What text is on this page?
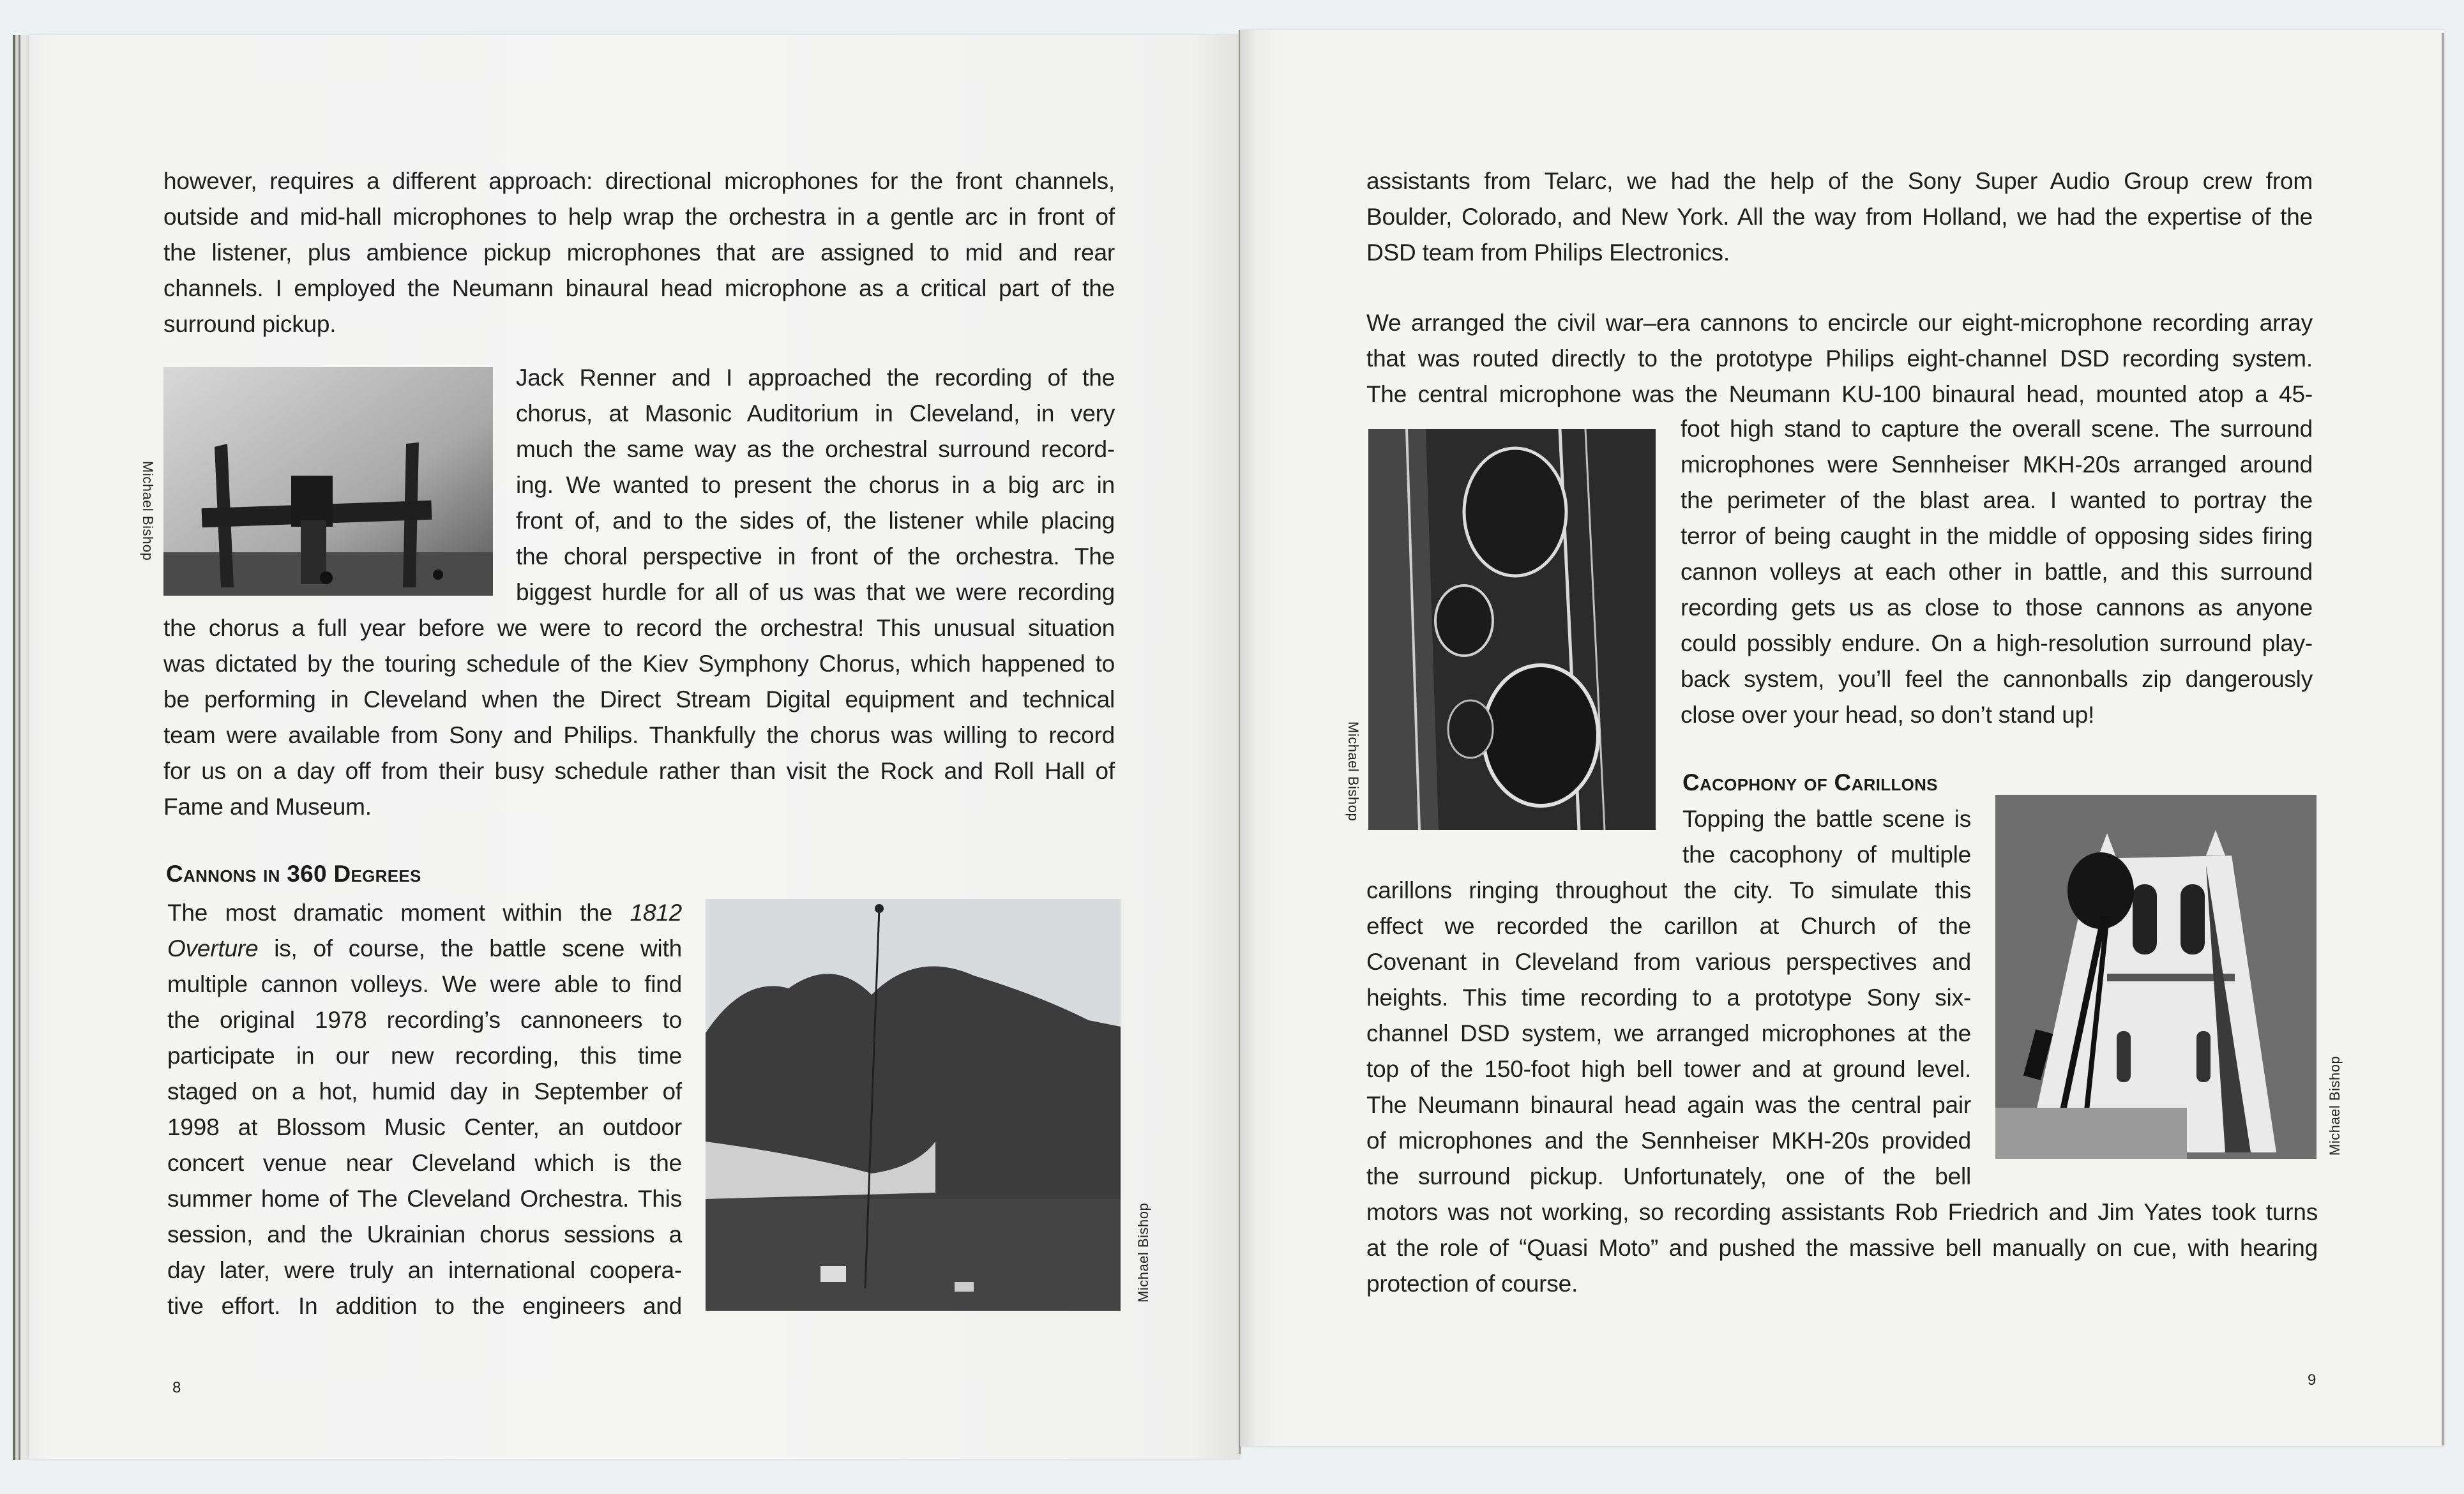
however, requires a different approach: directional microphones for the front channels,
outside and mid-hall microphones to help wrap the orchestra in a gentle arc in front of
the listener, plus ambience pickup microphones that are assigned to mid and rear
channels. I employed the Neumann binaural head microphone as a critical part of the
surround pickup.
Michael Bishop
Jack Renner and I approached the recording of the
chorus, at Masonic Auditorium in Cleveland, in very
much the same way as the orchestral surround record-
ing. We wanted to present the chorus in a big arc in
front of, and to the sides of, the listener while placing
the choral perspective in front of the orchestra. The
biggest hurdle for all of us was that we were recording
the chorus a full year before we were to record the orchestra! This unusual situation
was dictated by the touring schedule of the Kiev Symphony Chorus, which happened to
be performing in Cleveland when the Direct Stream Digital equipment and technical
team were available from Sony and Philips. Thankfully the chorus was willing to record
for us on a day off from their busy schedule rather than visit the Rock and Roll Hall of
Fame and Museum.
Cannons in 360 Degrees
The most dramatic moment within the 1812
Overture is, of course, the battle scene with
multiple cannon volleys. We were able to find
the original 1978 recording’s cannoneers to
participate in our new recording, this time
staged on a hot, humid day in September of
1998 at Blossom Music Center, an outdoor
concert venue near Cleveland which is the
summer home of The Cleveland Orchestra. This
session, and the Ukrainian chorus sessions a
day later, were truly an international coopera-
tive effort. In addition to the engineers and
Michael Bishop
8
assistants from Telarc, we had the help of the Sony Super Audio Group crew from
Boulder, Colorado, and New York. All the way from Holland, we had the expertise of the
DSD team from Philips Electronics.
We arranged the civil war–era cannons to encircle our eight-microphone recording array
that was routed directly to the prototype Philips eight-channel DSD recording system.
The central microphone was the Neumann KU-100 binaural head, mounted atop a 45-
Michael Bishop
foot high stand to capture the overall scene. The surround
microphones were Sennheiser MKH-20s arranged around
the perimeter of the blast area. I wanted to portray the
terror of being caught in the middle of opposing sides firing
cannon volleys at each other in battle, and this surround
recording gets us as close to those cannons as anyone
could possibly endure. On a high-resolution surround play-
back system, you’ll feel the cannonballs zip dangerously
close over your head, so don’t stand up!
Cacophony of Carillons
Topping the battle scene is
the cacophony of multiple
Michael Bishop
carillons ringing throughout the city. To simulate this
effect we recorded the carillon at Church of the
Covenant in Cleveland from various perspectives and
heights. This time recording to a prototype Sony six-
channel DSD system, we arranged microphones at the
top of the 150-foot high bell tower and at ground level.
The Neumann binaural head again was the central pair
of microphones and the Sennheiser MKH-20s provided
the surround pickup. Unfortunately, one of the bell
motors was not working, so recording assistants Rob Friedrich and Jim Yates took turns
at the role of “Quasi Moto” and pushed the massive bell manually on cue, with hearing
protection of course.
9
